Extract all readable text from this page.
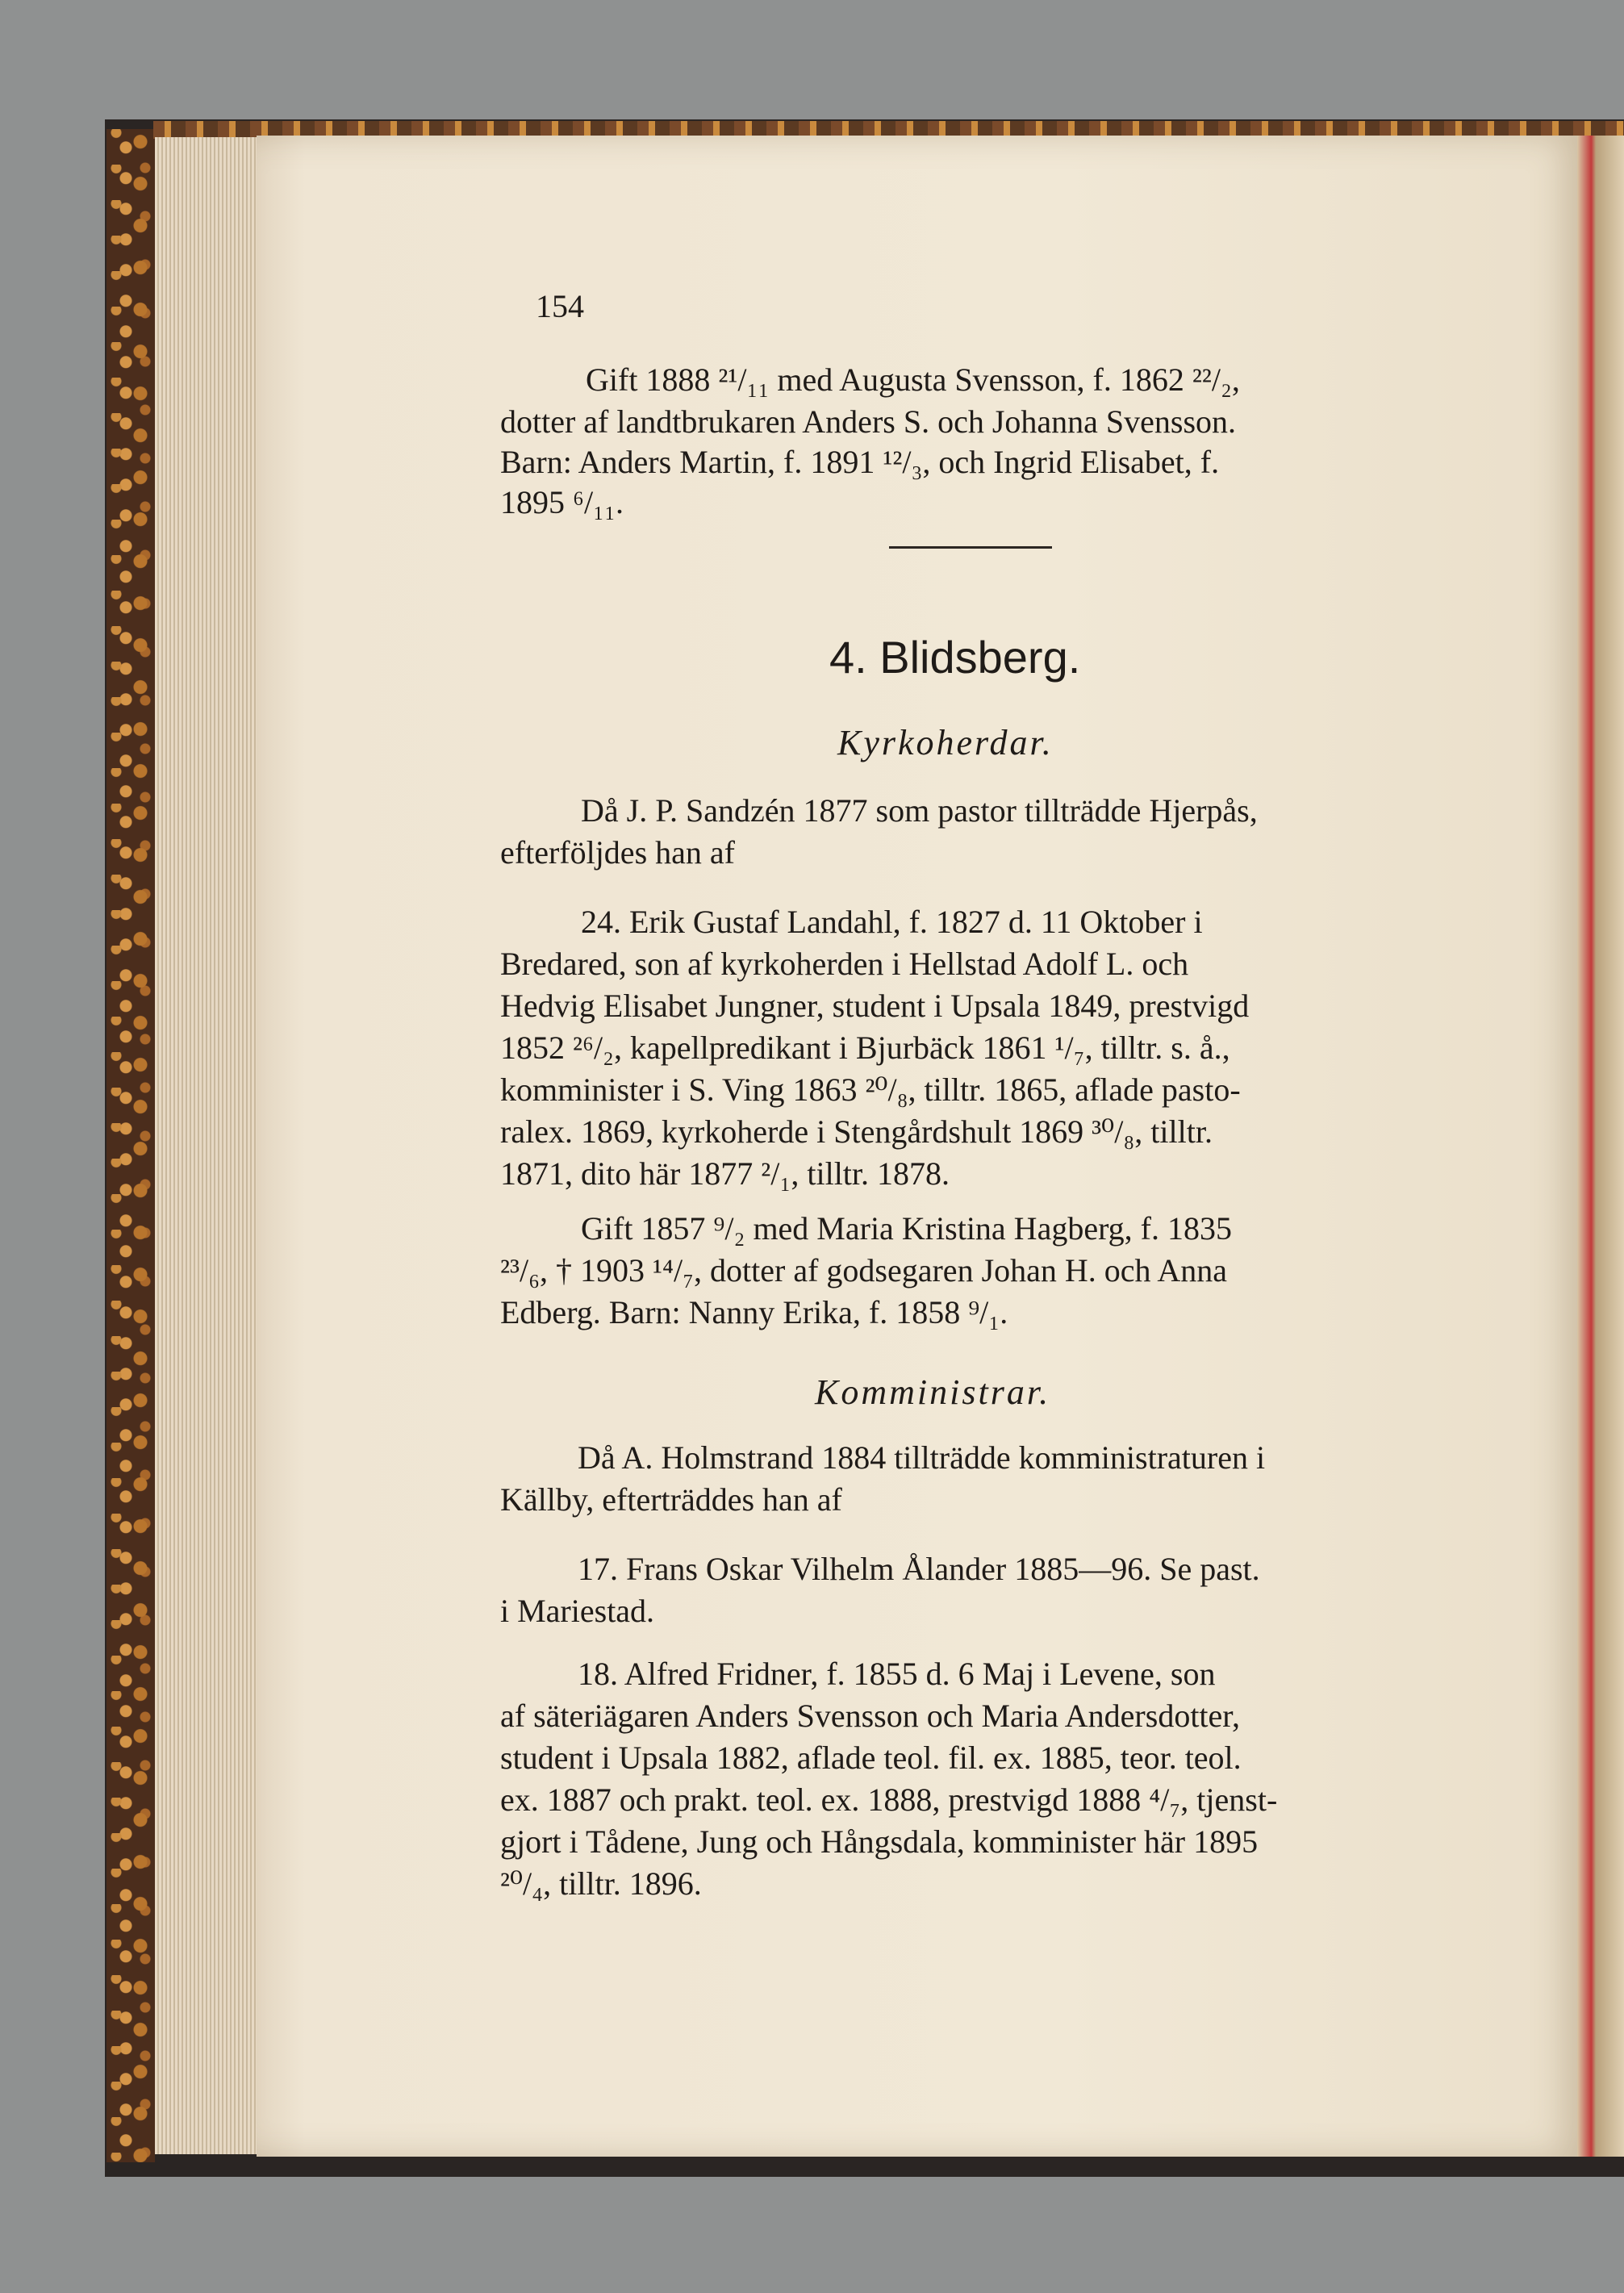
154
Gift 1888 ²¹/₁₁ med Augusta Svensson, f. 1862 ²²/₂,
dotter af landtbrukaren Anders S. och Johanna Svensson.
Barn: Anders Martin, f. 1891 ¹²/₃, och Ingrid Elisabet, f.
1895 ⁶/₁₁.
4. Blidsberg.
Kyrkoherdar.
Då J. P. Sandzén 1877 som pastor tillträdde Hjerpås,
efterföljdes han af
24. Erik Gustaf Landahl, f. 1827 d. 11 Oktober i
Bredared, son af kyrkoherden i Hellstad Adolf L. och
Hedvig Elisabet Jungner, student i Upsala 1849, prestvigd
1852 ²⁶/₂, kapellpredikant i Bjurbäck 1861 ¹/₇, tilltr. s. å.,
komminister i S. Ving 1863 ²⁰/₈, tilltr. 1865, aflade pasto-
ralex. 1869, kyrkoherde i Stengårdshult 1869 ³⁰/₈, tilltr.
1871, dito här 1877 ²/₁, tilltr. 1878.
Gift 1857 ⁹/₂ med Maria Kristina Hagberg, f. 1835
²³/₆, † 1903 ¹⁴/₇, dotter af godsegaren Johan H. och Anna
Edberg. Barn: Nanny Erika, f. 1858 ⁹/₁.
Komministrar.
Då A. Holmstrand 1884 tillträdde komministraturen i
Källby, efterträddes han af
17. Frans Oskar Vilhelm Ålander 1885—96. Se past.
i Mariestad.
18. Alfred Fridner, f. 1855 d. 6 Maj i Levene, son
af säteriägaren Anders Svensson och Maria Andersdotter,
student i Upsala 1882, aflade teol. fil. ex. 1885, teor. teol.
ex. 1887 och prakt. teol. ex. 1888, prestvigd 1888 ⁴/₇, tjenst-
gjort i Tådene, Jung och Hångsdala, komminister här 1895
²⁰/₄, tilltr. 1896.
